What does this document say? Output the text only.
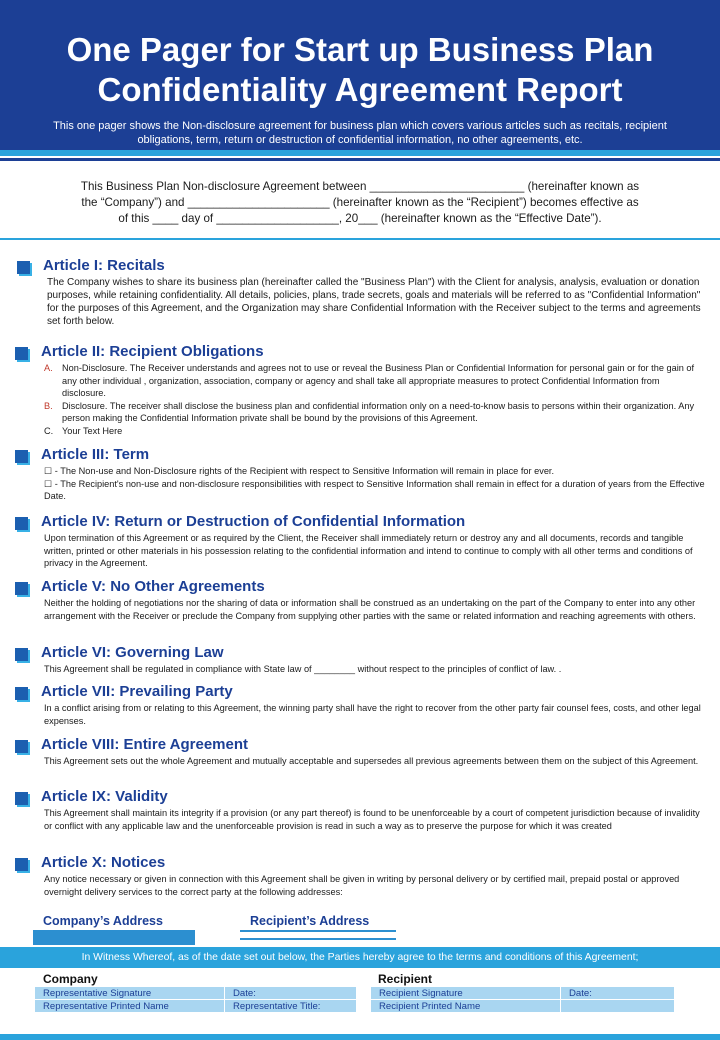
One Pager for Start up Business Plan
Confidentiality Agreement Report
This one pager shows the Non-disclosure agreement for business plan which covers various articles such as recitals, recipient obligations, term, return or destruction of confidential information, no other agreements, etc.
This Business Plan Non-disclosure Agreement between ________________________ (hereinafter known as
the “Company”) and ______________________ (hereinafter known as the “Recipient”) becomes effective as
of this ____ day of ___________________, 20___ (hereinafter known as the “Effective Date”).
Article I: Recitals
The Company wishes to share its business plan (hereinafter called the "Business Plan") with the Client for analysis, analysis, evaluation or donation purposes, while retaining confidentiality. All details, policies, plans, trade secrets, goals and materials will be referred to as "Confidential Information" for the purposes of this Agreement, and the Organization may share Confidential Information with the Receiver subject to the terms and agreements set forth below.
Article II: Recipient Obligations
A.	Non-Disclosure. The Receiver understands and agrees not to use or reveal the Business Plan or Confidential Information for personal gain or for the gain of any other individual , organization, association, company or agency and shall take all appropriate measures to protect Confidential Information from disclosure.
B.	Disclosure. The receiver shall disclose the business plan and confidential information only on a need-to-know basis to persons within their organization. Any person making the Confidential Information private shall be bound by the provisions of this Agreement.
C. Your Text Here
Article III: Term
☐ - The Non-use and Non-Disclosure rights of the Recipient with respect to Sensitive Information will remain in place for ever.
☐ - The Recipient's non-use and non-disclosure responsibilities with respect to Sensitive Information shall remain in effect for a duration of years from the Effective Date.
Article IV: Return or Destruction of Confidential Information
Upon termination of this Agreement or as required by the Client, the Receiver shall immediately return or destroy any and all documents, records and tangible written, printed or other materials in his possession relating to the confidential information and intend to continue to comply with all other terms and conditions of privacy in the Agreement.
Article V: No Other Agreements
Neither the holding of negotiations nor the sharing of data or information shall be construed as an undertaking on the part of the Company to enter into any other arrangement with the Receiver or preclude the Company from supplying other parties with the same or related information and reaching agreements with others.
Article VI: Governing Law
This Agreement shall be regulated in compliance with State law of ________ without respect to the principles of conflict of law. .
Article VII: Prevailing Party
In a conflict arising from or relating to this Agreement, the winning party shall have the right to recover from the other party fair counsel fees, costs, and other legal expenses.
Article VIII: Entire Agreement
This Agreement sets out the whole Agreement and mutually acceptable and supersedes all previous agreements between them on the subject of this Agreement.
Article IX: Validity
This Agreement shall maintain its integrity if a provision (or any part thereof) is found to be unenforceable by a court of competent jurisdiction because of invalidity or conflict with any applicable law and the unenforceable provision is read in such a way as to preserve the purpose for which it was created
Article X: Notices
Any notice necessary or given in connection with this Agreement shall be given in writing by personal delivery or by certified mail, prepaid postal or approved overnight delivery services to the correct party at the following addresses:
Company’s Address	Recipient’s Address
In Witness Whereof, as of the date set out below, the Parties hereby agree to the terms and conditions of this Agreement;
Company
Representative Signature	Date:
Representative Printed Name	Representative Title:
Recipient
Recipient Signature	Date:
Recipient Printed Name	
